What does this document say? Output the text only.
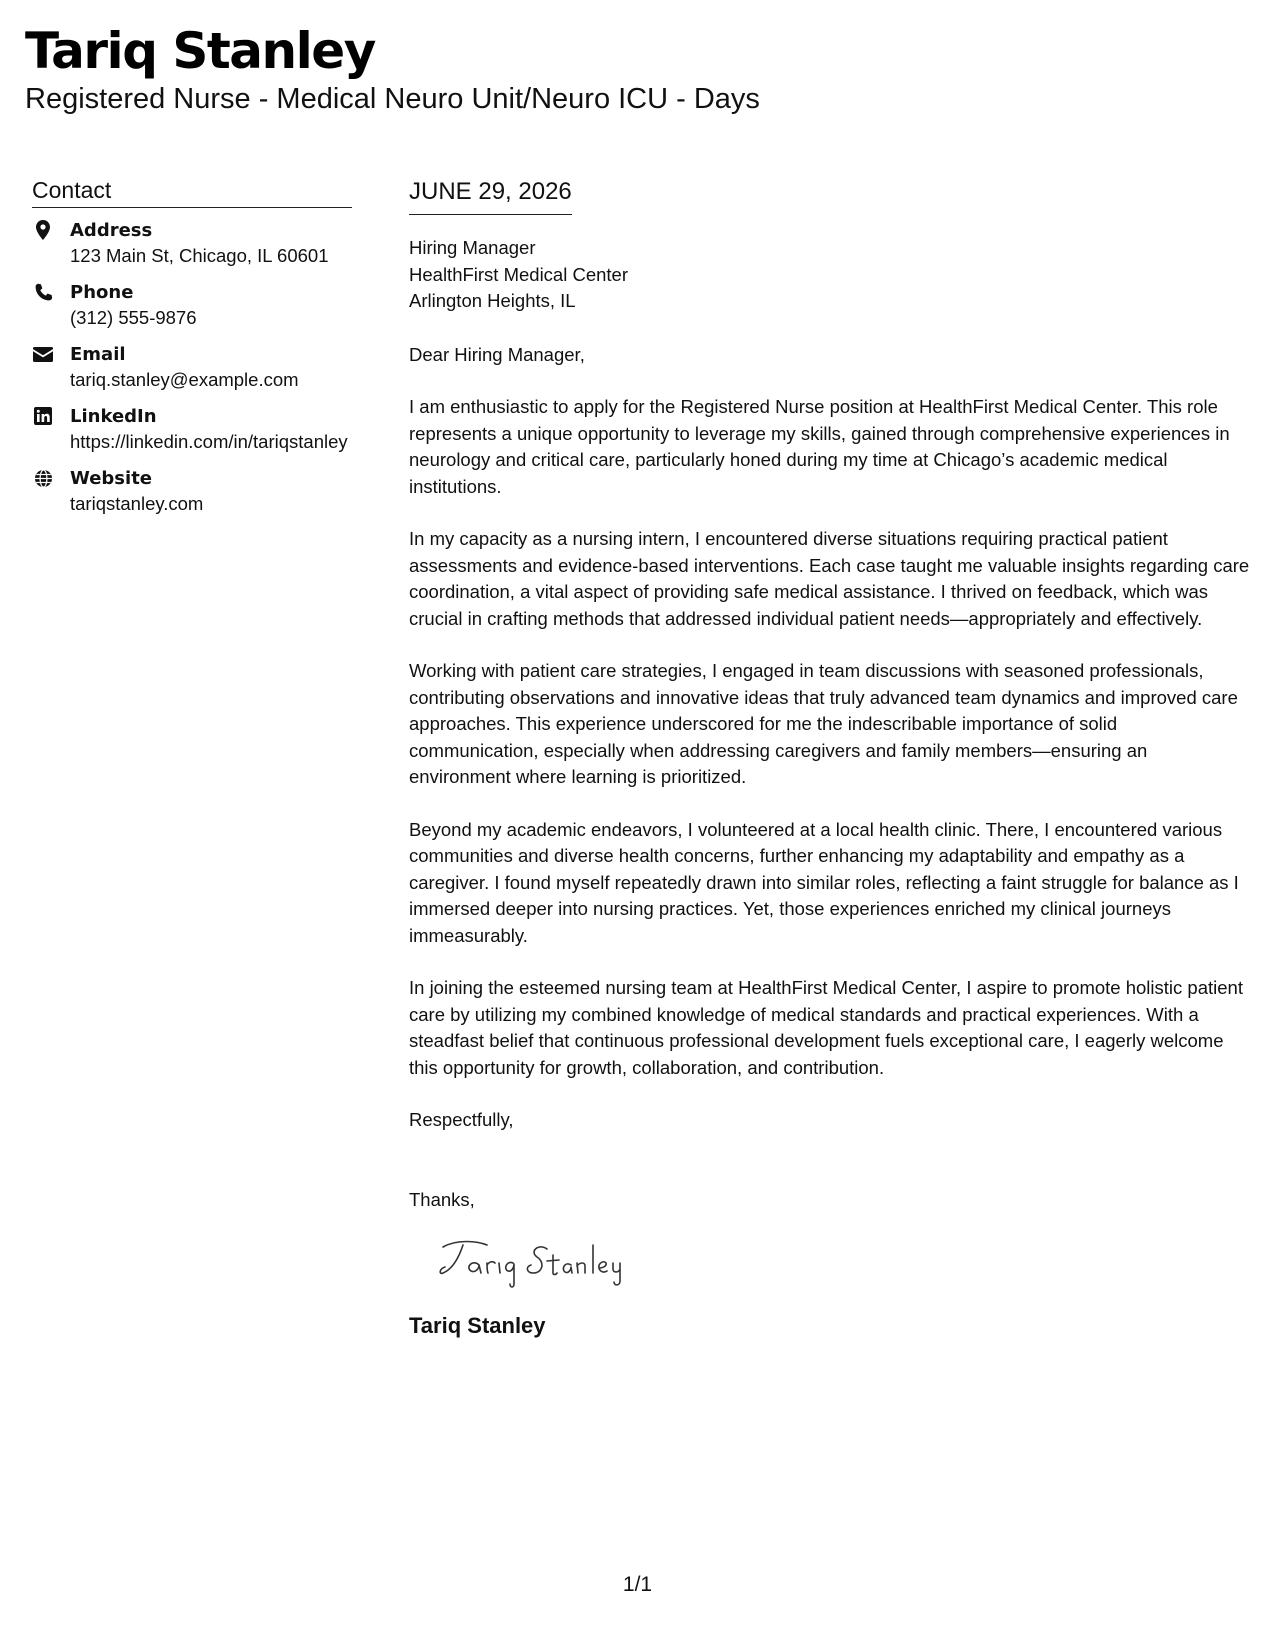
Tariq Stanley
Registered Nurse - Medical Neuro Unit/Neuro ICU - Days
Contact
Address
123 Main St, Chicago, IL 60601
Phone
(312) 555-9876
Email
tariq.stanley@example.com
LinkedIn
https://linkedin.com/in/tariqstanley
Website
tariqstanley.com
JUNE 29, 2026
Hiring Manager
HealthFirst Medical Center
Arlington Heights, IL
Dear Hiring Manager,
I am enthusiastic to apply for the Registered Nurse position at HealthFirst Medical Center. This role represents a unique opportunity to leverage my skills, gained through comprehensive experiences in neurology and critical care, particularly honed during my time at Chicago’s academic medical institutions.
In my capacity as a nursing intern, I encountered diverse situations requiring practical patient assessments and evidence-based interventions. Each case taught me valuable insights regarding care coordination, a vital aspect of providing safe medical assistance. I thrived on feedback, which was crucial in crafting methods that addressed individual patient needs—appropriately and effectively.
Working with patient care strategies, I engaged in team discussions with seasoned professionals, contributing observations and innovative ideas that truly advanced team dynamics and improved care approaches. This experience underscored for me the indescribable importance of solid communication, especially when addressing caregivers and family members—ensuring an environment where learning is prioritized.
Beyond my academic endeavors, I volunteered at a local health clinic. There, I encountered various communities and diverse health concerns, further enhancing my adaptability and empathy as a caregiver. I found myself repeatedly drawn into similar roles, reflecting a faint struggle for balance as I immersed deeper into nursing practices. Yet, those experiences enriched my clinical journeys immeasurably.
In joining the esteemed nursing team at HealthFirst Medical Center, I aspire to promote holistic patient care by utilizing my combined knowledge of medical standards and practical experiences. With a steadfast belief that continuous professional development fuels exceptional care, I eagerly welcome this opportunity for growth, collaboration, and contribution.
Respectfully,
Thanks,
Tariq Stanley
1/1
